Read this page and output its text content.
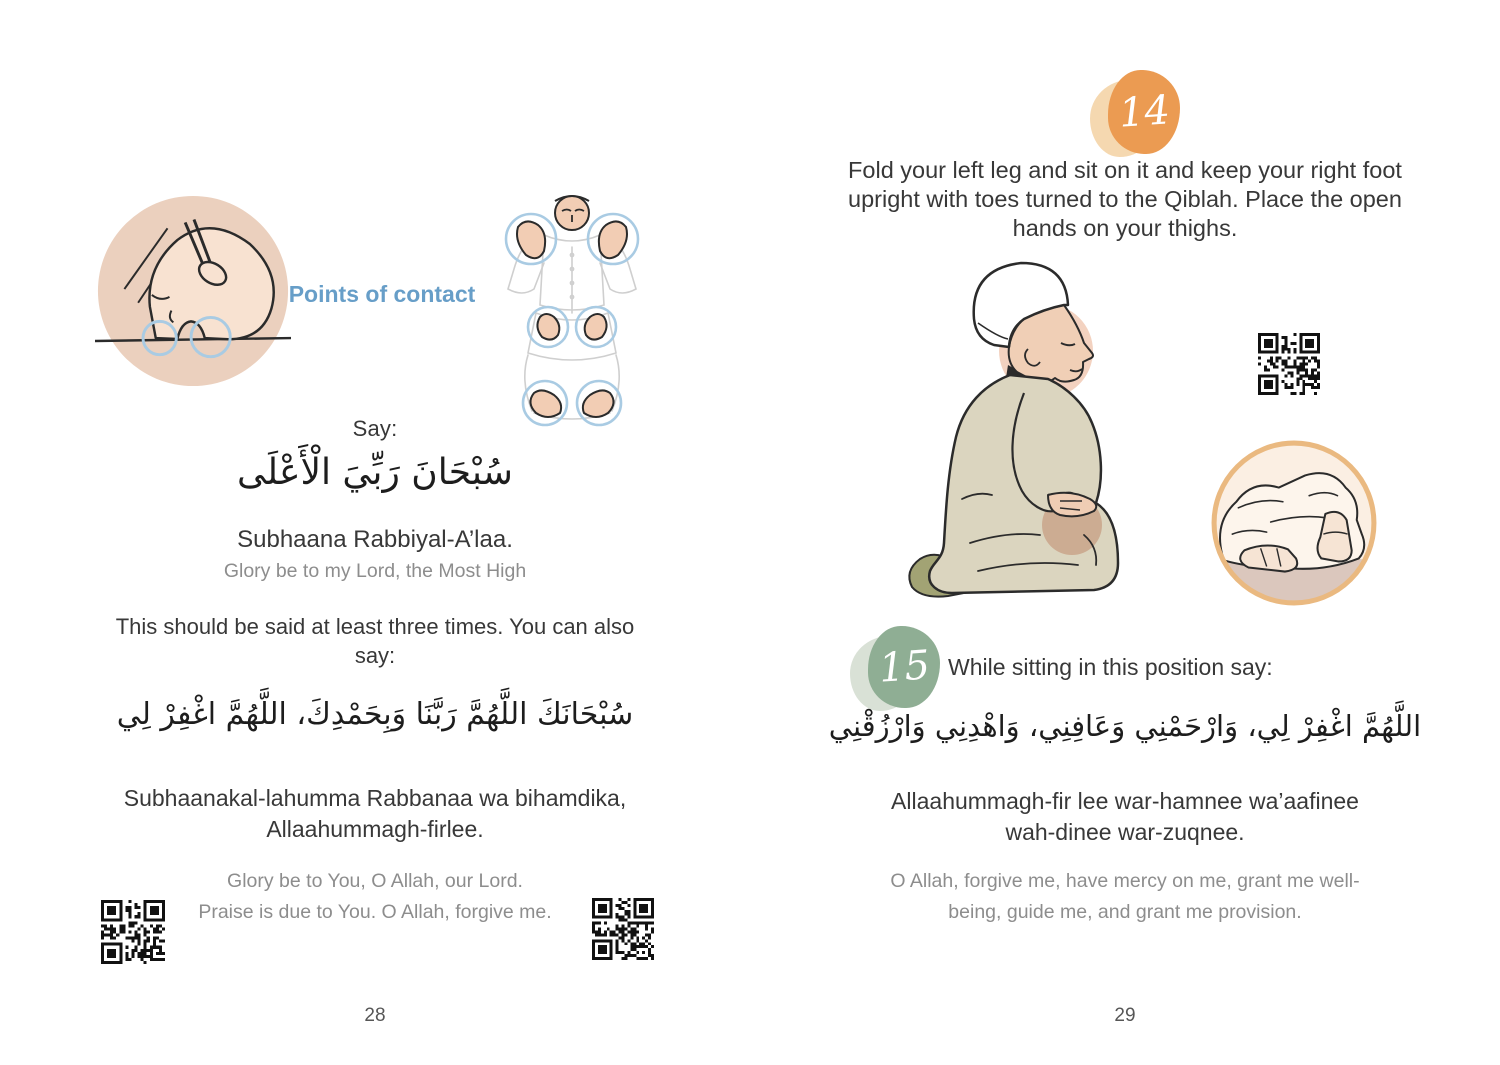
Points of contact
Say:
سُبْحَانَ رَبِّيَ الْأَعْلَى
Subhaana Rabbiyal-A’laa.
Glory be to my Lord, the Most High
This should be said at least three times. You can also say:
سُبْحَانَكَ اللَّهُمَّ رَبَّنَا وَبِحَمْدِكَ، اللَّهُمَّ اغْفِرْ لِي
Subhaanakal-lahumma Rabbanaa wa bihamdika, Allaahummagh-firlee.
Glory be to You, O Allah, our Lord.
Praise is due to You. O Allah, forgive me.
28
14
Fold your left leg and sit on it and keep your right foot upright with toes turned to the Qiblah. Place the open hands on your thighs.
15 While sitting in this position say:
اللَّهُمَّ اغْفِرْ لِي، وَارْحَمْنِي وَعَافِنِي، وَاهْدِنِي وَارْزُقْنِي
Allaahummagh-fir lee war-hamnee wa’aafinee wah-dinee war-zuqnee.
O Allah, forgive me, have mercy on me, grant me well-being, guide me, and grant me provision.
29
